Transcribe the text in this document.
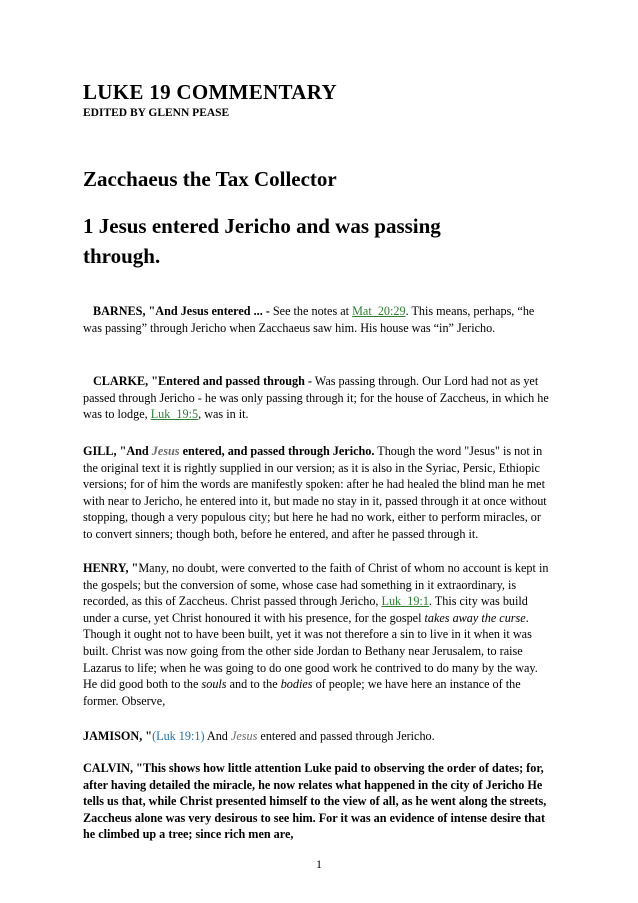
LUKE 19 COMMENTARY
EDITED BY GLENN PEASE
Zacchaeus the Tax Collector
1 Jesus entered Jericho and was passing
through.

BARNES, "And Jesus entered ... - See the notes at Mat_20:29. This means, perhaps, “he was passing” through Jericho when Zacchaeus saw him. His house was “in” Jericho.

CLARKE, "Entered and passed through - Was passing through. Our Lord had not as yet passed through Jericho - he was only passing through it; for the house of Zaccheus, in which he was to lodge, Luk_19:5, was in it.

GILL, "And Jesus entered, and passed through Jericho. Though the word "Jesus" is not in the original text it is rightly supplied in our version; as it is also in the Syriac, Persic, Ethiopic versions; for of him the words are manifestly spoken: after he had healed the blind man he met with near to Jericho, he entered into it, but made no stay in it, passed through it at once without stopping, though a very populous city; but here he had no work, either to perform miracles, or to convert sinners; though both, before he entered, and after he passed through it.

HENRY, "Many, no doubt, were converted to the faith of Christ of whom no account is kept in the gospels; but the conversion of some, whose case had something in it extraordinary, is recorded, as this of Zaccheus. Christ passed through Jericho, Luk_19:1. This city was build under a curse, yet Christ honoured it with his presence, for the gospel takes away the curse. Though it ought not to have been built, yet it was not therefore a sin to live in it when it was built. Christ was now going from the other side Jordan to Bethany near Jerusalem, to raise Lazarus to life; when he was going to do one good work he contrived to do many by the way. He did good both to the souls and to the bodies of people; we have here an instance of the former. Observe,

JAMISON, "(Luk 19:1) And Jesus entered and passed through Jericho.

CALVIN, "This shows how little attention Luke paid to observing the order of dates; for, after having detailed the miracle, he now relates what happened in the city of Jericho He tells us that, while Christ presented himself to the view of all, as he went along the streets, Zaccheus alone was very desirous to see him. For it was an evidence of intense desire that he climbed up a tree; since rich men are,

1
